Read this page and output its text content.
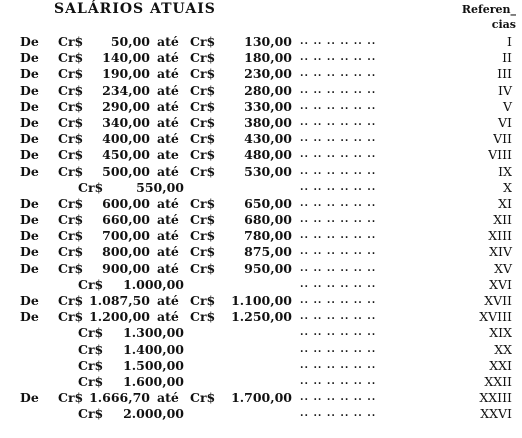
SALÁRIOS ATUAIS	Referen_
cias
De Cr$ 50,00 até Cr$ 130,00 .. .. .. .. .. ..	I
De Cr$ 140,00 até Cr$ 180,00 .. .. .. .. .. ..	II
De Cr$ 190,00 até Cr$ 230,00 .. .. .. .. .. ..	III
De Cr$ 234,00 até Cr$ 280,00 .. .. .. .. .. ..	IV
De Cr$ 290,00 até Cr$ 330,00 .. .. .. .. .. ..	V
De Cr$ 340,00 até Cr$ 380,00 .. .. .. .. .. ..	VI
De Cr$ 400,00 até Cr$ 430,00 .. .. .. .. .. ..	VII
De Cr$ 450,00 ate Cr$ 480,00 .. .. .. .. .. ..	VIII
De Cr$ 500,00 até Cr$ 530,00 .. .. .. .. .. ..	IX
Cr$	550,00	.. .. .. .. .. ..	X
De Cr$ 600,00 até Cr$ 650,00 .. .. .. .. .. ..	XI
De Cr$ 660,00 até Cr$ 680,00 .. .. .. .. .. ..	XII
De Cr$ 700,00 até Cr$ 780,00 .. .. .. .. .. ..	XIII
De Cr$ 800,00 até Cr$ 875,00 .. .. .. .. .. ..	XIV
De Cr$ 900,00 até Cr$ 950,00 .. .. .. .. .. ..	XV
Cr$ 1.000,00	.. .. .. .. .. ..	XVI
De Cr$ 1.087,50 até Cr$ 1.100,00 .. .. .. .. .. ..	XVII
De Cr$ 1.200,00 até Cr$ 1.250,00 .. .. .. .. .. ..	XVIII
Cr$ 1.300,00	.. .. .. .. .. ..	XIX
Cr$ 1.400,00	.. .. .. .. .. ..	XX
Cr$ 1.500,00	.. .. .. .. .. ..	XXI
Cr$ 1.600,00	.. .. .. .. .. ..	XXII
De Cr$ 1.666,70 até Cr$ 1.700,00 .. .. .. .. .. ..	XXIII
Cr$ 2.000,00	.. .. .. .. .. ..	XXVI
